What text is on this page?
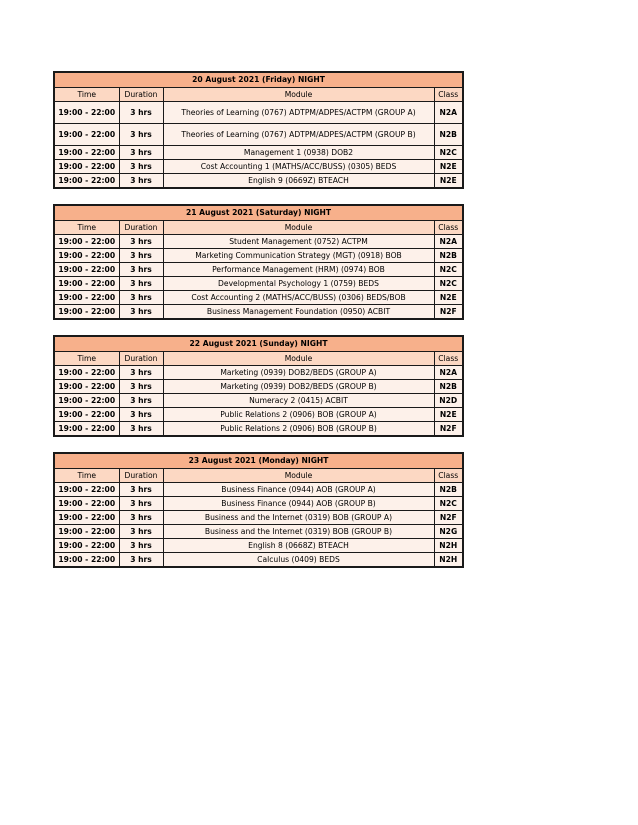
20 August 2021 (Friday) NIGHT			
Time	Duration	Module	Class
19:00 - 22:00	3 hrs	Theories of Learning (0767) ADTPM/ADPES/ACTPM (GROUP A)	N2A
19:00 - 22:00	3 hrs	Theories of Learning (0767) ADTPM/ADPES/ACTPM (GROUP B)	N2B
19:00 - 22:00	3 hrs	Management 1 (0938) DOB2	N2C
19:00 - 22:00	3 hrs	Cost Accounting 1 (MATHS/ACC/BUSS) (0305) BEDS	N2E
19:00 - 22:00	3 hrs	English 9 (0669Z) BTEACH	N2E
21 August 2021 (Saturday) NIGHT			
Time	Duration	Module	Class
19:00 - 22:00	3 hrs	Student Management (0752) ACTPM	N2A
19:00 - 22:00	3 hrs	Marketing Communication Strategy (MGT) (0918) BOB	N2B
19:00 - 22:00	3 hrs	Performance Management (HRM) (0974) BOB	N2C
19:00 - 22:00	3 hrs	Developmental Psychology 1 (0759) BEDS	N2C
19:00 - 22:00	3 hrs	Cost Accounting 2 (MATHS/ACC/BUSS) (0306) BEDS/BOB	N2E
19:00 - 22:00	3 hrs	Business Management Foundation (0950) ACBIT	N2F
22 August 2021 (Sunday) NIGHT			
Time	Duration	Module	Class
19:00 - 22:00	3 hrs	Marketing (0939) DOB2/BEDS (GROUP A)	N2A
19:00 - 22:00	3 hrs	Marketing (0939) DOB2/BEDS (GROUP B)	N2B
19:00 - 22:00	3 hrs	Numeracy 2 (0415) ACBIT	N2D
19:00 - 22:00	3 hrs	Public Relations 2 (0906) BOB (GROUP A)	N2E
19:00 - 22:00	3 hrs	Public Relations 2 (0906) BOB (GROUP B)	N2F
23 August 2021 (Monday) NIGHT			
Time	Duration	Module	Class
19:00 - 22:00	3 hrs	Business Finance (0944) AOB (GROUP A)	N2B
19:00 - 22:00	3 hrs	Business Finance (0944) AOB (GROUP B)	N2C
19:00 - 22:00	3 hrs	Business and the Internet (0319) BOB (GROUP A)	N2F
19:00 - 22:00	3 hrs	Business and the Internet (0319) BOB (GROUP B)	N2G
19:00 - 22:00	3 hrs	English 8 (0668Z) BTEACH	N2H
19:00 - 22:00	3 hrs	Calculus (0409) BEDS	N2H
